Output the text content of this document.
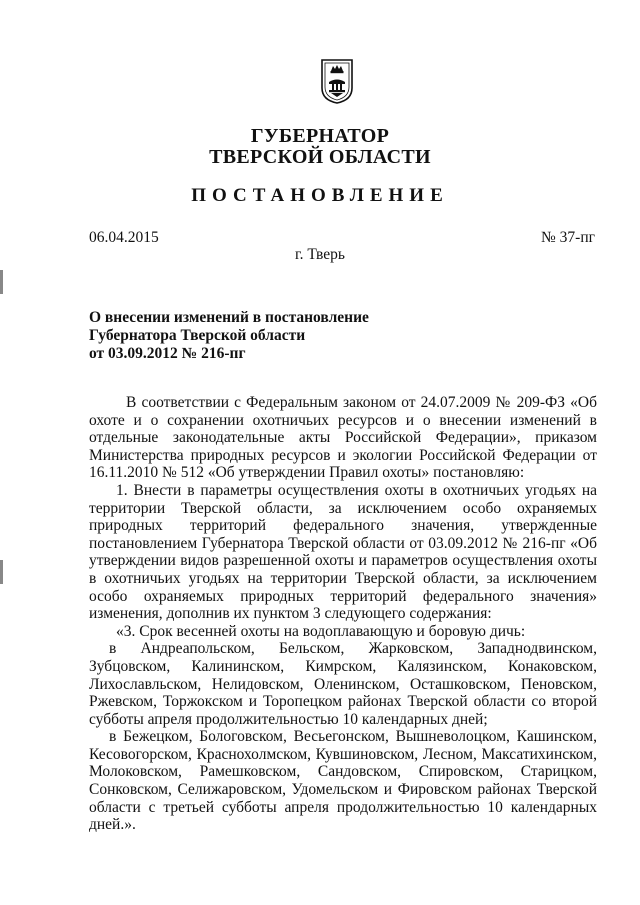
ГУБЕРНАТОР
ТВЕРСКОЙ ОБЛАСТИ
ПОСТАНОВЛЕНИЕ
06.04.2015	№ 37-пг
г. Тверь
О внесении изменений в постановление
Губернатора Тверской области
от 03.09.2012 № 216-пг

В соответствии с Федеральным законом от 24.07.2009 № 209-ФЗ «Об охоте и о сохранении охотничьих ресурсов и о внесении изменений в отдельные законодательные акты Российской Федерации», приказом Министерства природных ресурсов и экологии Российской Федерации от 16.11.2010 № 512 «Об утверждении Правил охоты» постановляю:

1. Внести в параметры осуществления охоты в охотничьих угодьях на территории Тверской области, за исключением особо охраняемых природных территорий федерального значения, утвержденные постановлением Губернатора Тверской области от 03.09.2012 № 216-пг «Об утверждении видов разрешенной охоты и параметров осуществления охоты в охотничьих угодьях на территории Тверской области, за исключением особо охраняемых природных территорий федерального значения» изменения, дополнив их пунктом 3 следующего содержания:

«3. Срок весенней охоты на водоплавающую и боровую дичь:

в Андреапольском, Бельском, Жарковском, Западнодвинском, Зубцовском, Калининском, Кимрском, Калязинском, Конаковском, Лихославльском, Нелидовском, Оленинском, Осташковском, Пеновском, Ржевском, Торжокском и Торопецком районах Тверской области со второй субботы апреля продолжительностью 10 календарных дней;

в Бежецком, Бологовском, Весьегонском, Вышневолоцком, Кашинском, Кесовогорском, Краснохолмском, Кувшиновском, Лесном, Максатихинском, Молоковском, Рамешковском, Сандовском, Спировском, Старицком, Сонковском, Селижаровском, Удомельском и Фировском районах Тверской области с третьей субботы апреля продолжительностью 10 календарных дней.».
